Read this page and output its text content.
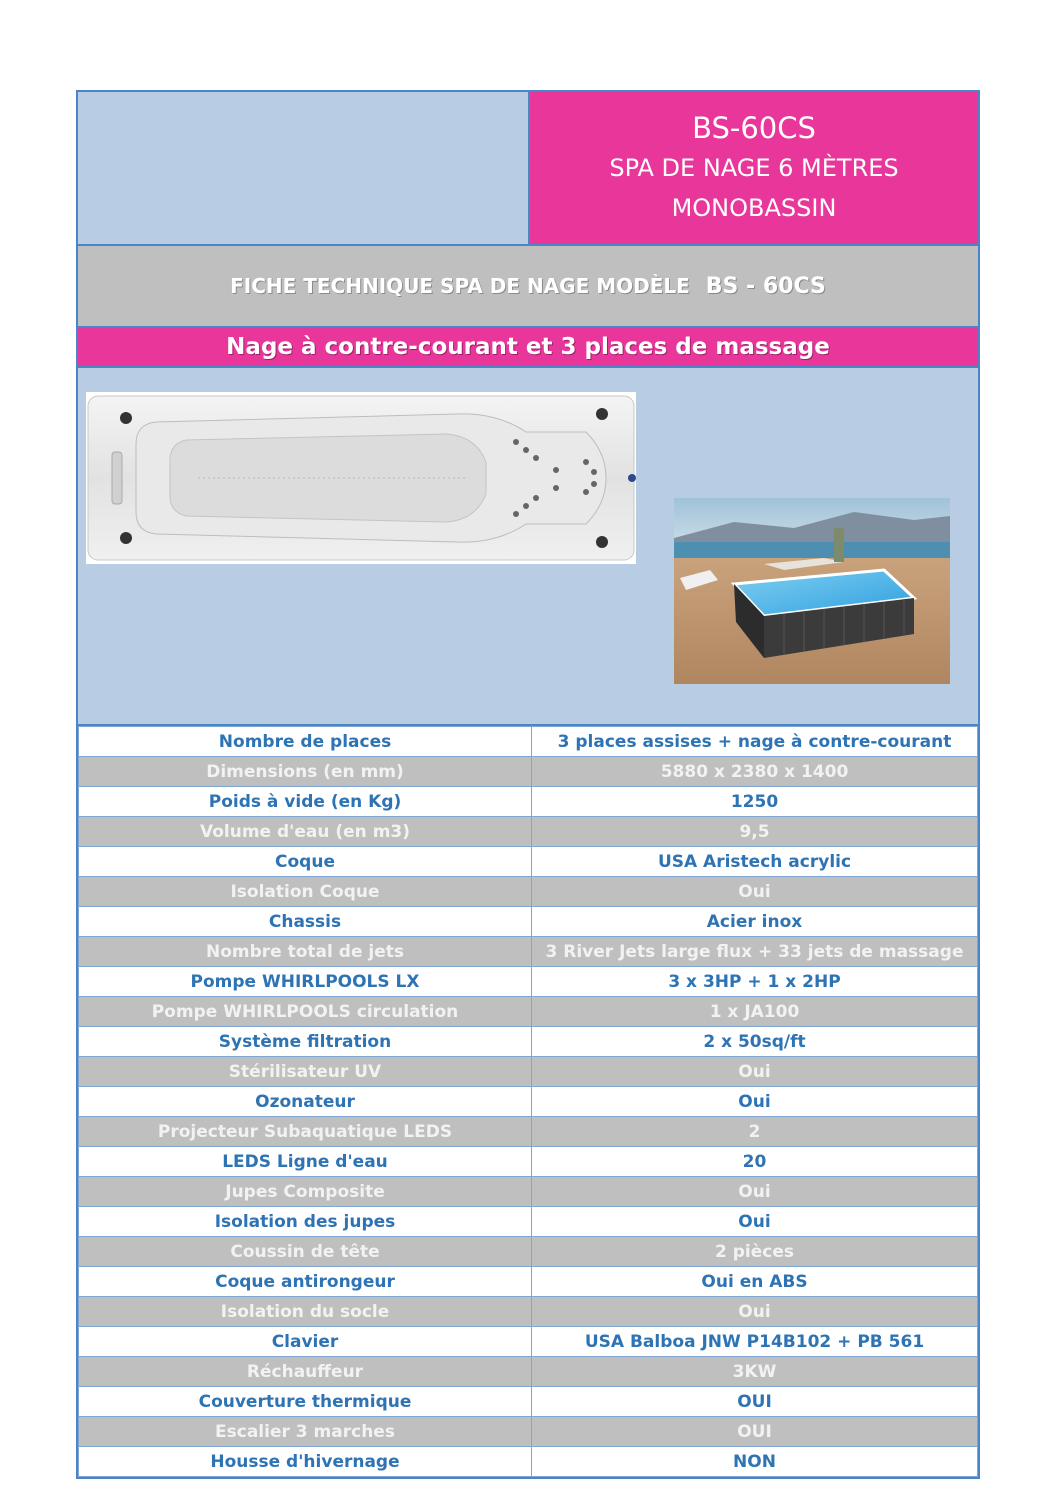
BS-60CS
SPA DE NAGE 6 MÈTRES
MONOBASSIN
FICHE TECHNIQUE SPA DE NAGE MODÈLE BS - 60CS
Nage à contre-courant et 3 places de massage
Nombre de places	3 places assises + nage à contre-courant
Dimensions (en mm)	5880 x 2380 x 1400
Poids à vide (en Kg)	1250
Volume d'eau (en m3)	9,5
Coque	USA Aristech acrylic
Isolation Coque	Oui
Chassis	Acier inox
Nombre total de jets	3 River Jets large flux + 33 jets de massage
Pompe WHIRLPOOLS LX	3 x 3HP + 1 x 2HP
Pompe WHIRLPOOLS circulation	1 x JA100
Système filtration	2 x 50sq/ft
Stérilisateur UV	Oui
Ozonateur	Oui
Projecteur Subaquatique LEDS	2
LEDS Ligne d'eau	20
Jupes Composite	Oui
Isolation des jupes	Oui
Coussin de tête	2 pièces
Coque antirongeur	Oui en ABS
Isolation du socle	Oui
Clavier	USA Balboa JNW P14B102 + PB 561
Réchauffeur	3KW
Couverture thermique	OUI
Escalier 3 marches	OUI
Housse d'hivernage	NON
